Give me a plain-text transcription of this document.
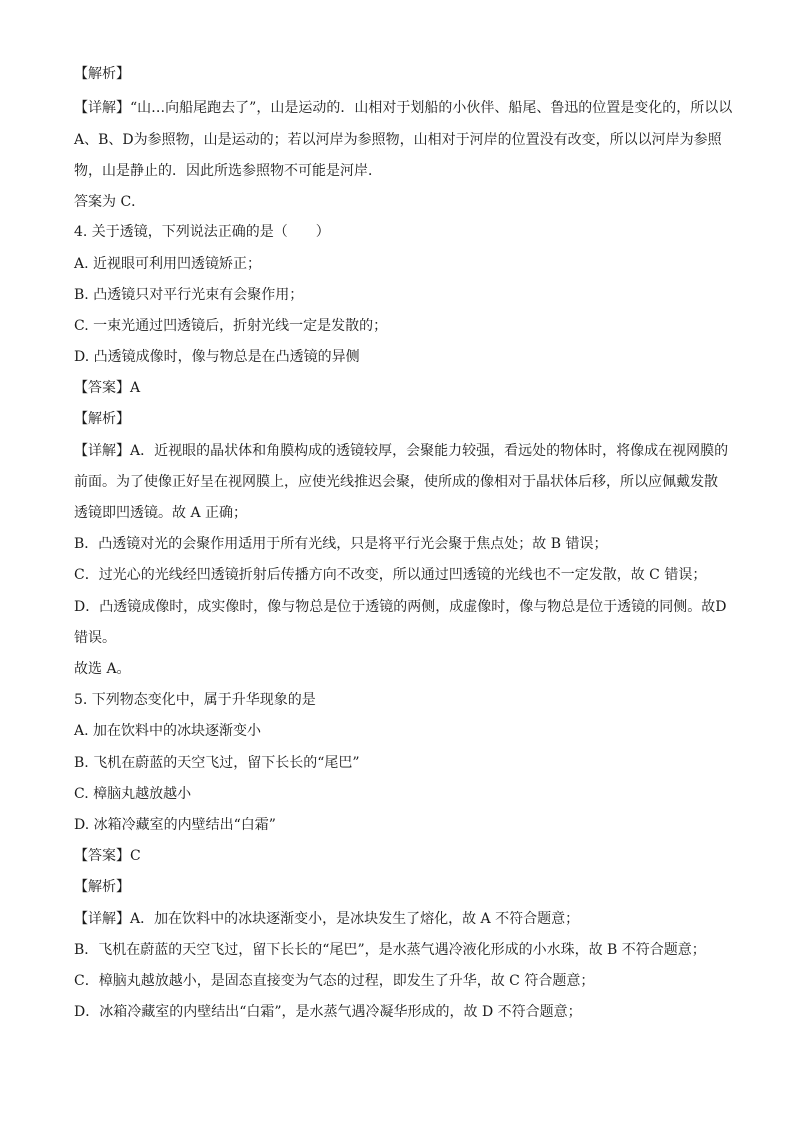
【解析】
【详解】“山…向船尾跑去了”，山是运动的．山相对于划船的小伙伴、船尾、鲁迅的位置是变化的，所以以
A、B、D为参照物，山是运动的；若以河岸为参照物，山相对于河岸的位置没有改变，所以以河岸为参照
物，山是静止的．因此所选参照物不可能是河岸．
答案为 C．
4. 关于透镜，下列说法正确的是（　　）
A. 近视眼可利用凹透镜矫正；
B. 凸透镜只对平行光束有会聚作用；
C. 一束光通过凹透镜后，折射光线一定是发散的；
D. 凸透镜成像时，像与物总是在凸透镜的异侧
【答案】A
【解析】
【详解】A．近视眼的晶状体和角膜构成的透镜较厚，会聚能力较强，看远处的物体时，将像成在视网膜的
前面。为了使像正好呈在视网膜上，应使光线推迟会聚，使所成的像相对于晶状体后移，所以应佩戴发散
透镜即凹透镜。故 A 正确；
B．凸透镜对光的会聚作用适用于所有光线，只是将平行光会聚于焦点处；故 B 错误；
C．过光心的光线经凹透镜折射后传播方向不改变，所以通过凹透镜的光线也不一定发散，故 C 错误；
D．凸透镜成像时，成实像时，像与物总是位于透镜的两侧，成虚像时，像与物总是位于透镜的同侧。故D
错误。
故选 A。
5. 下列物态变化中，属于升华现象的是
A. 加在饮料中的冰块逐渐变小
B. 飞机在蔚蓝的天空飞过，留下长长的“尾巴”
C. 樟脑丸越放越小
D. 冰箱冷藏室的内壁结出“白霜”
【答案】C
【解析】
【详解】A．加在饮料中的冰块逐渐变小，是冰块发生了熔化，故 A 不符合题意；
B．飞机在蔚蓝的天空飞过，留下长长的“尾巴”，是水蒸气遇冷液化形成的小水珠，故 B 不符合题意；
C．樟脑丸越放越小，是固态直接变为气态的过程，即发生了升华，故 C 符合题意；
D．冰箱冷藏室的内壁结出“白霜”，是水蒸气遇冷凝华形成的，故 D 不符合题意；
